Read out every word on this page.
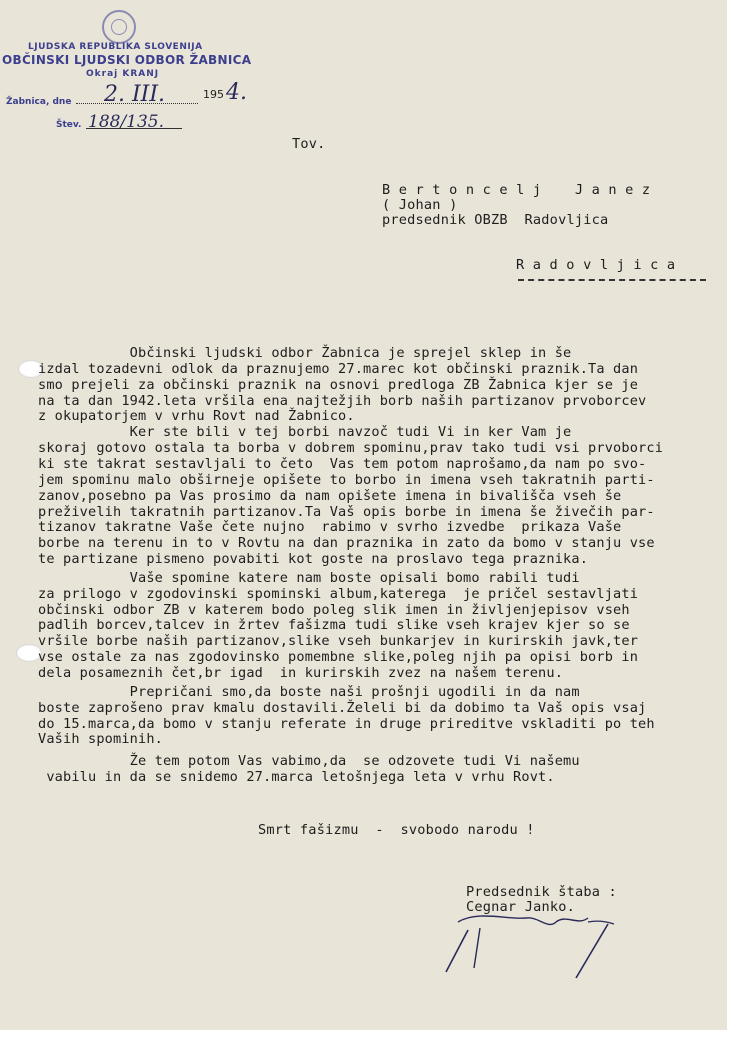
LJUDSKA REPUBLIKA SLOVENIJA
OBČINSKI LJUDSKI ODBOR ŽABNICA
Okraj KRANJ
Žabnica, dne 2. III.	195 4.
Štev. 188/135.
Tov.
B e r t o n c e l j    J a n e z
( Johan )
predsednik OBZB  Radovljica
R a d o v l j i c a
Občinski ljudski odbor Žabnica je sprejel sklep in še
izdal tozadevni odlok da praznujemo 27.marec kot občinski praznik.Ta dan
smo prejeli za občinski praznik na osnovi predloga ZB Žabnica kjer se je
na ta dan 1942.leta vršila ena najtežjih borb naših partizanov prvoborcev
z okupatorjem v vrhu Rovt nad Žabnico.
Ker ste bili v tej borbi navzoč tudi Vi in ker Vam je
skoraj gotovo ostala ta borba v dobrem spominu,prav tako tudi vsi prvoborci
ki ste takrat sestavljali to četo  Vas tem potom naprošamo,da nam po svo-
jem spominu malo obširneje opišete to borbo in imena vseh takratnih parti-
zanov,posebno pa Vas prosimo da nam opišete imena in bivališča vseh še
preživelih takratnih partizanov.Ta Vaš opis borbe in imena še živečih par-
tizanov takratne Vaše čete nujno  rabimo v svrho izvedbe  prikaza Vaše
borbe na terenu in to v Rovtu na dan praznika in zato da bomo v stanju vse
te partizane pismeno povabiti kot goste na proslavo tega praznika.
Vaše spomine katere nam boste opisali bomo rabili tudi
za prilogo v zgodovinski spominski album,katerega  je pričel sestavljati
občinski odbor ZB v katerem bodo poleg slik imen in življenjepisov vseh
padlih borcev,talcev in žrtev fašizma tudi slike vseh krajev kjer so se
vršile borbe naših partizanov,slike vseh bunkarjev in kurirskih javk,ter
vse ostale za nas zgodovinsko pomembne slike,poleg njih pa opisi borb in
dela posameznih čet,br igad  in kurirskih zvez na našem terenu.
Prepričani smo,da boste naši prošnji ugodili in da nam
boste zaprošeno prav kmalu dostavili.Želeli bi da dobimo ta Vaš opis vsaj
do 15.marca,da bomo v stanju referate in druge prireditve vskladiti po teh
Vaših spominih.
Že tem potom Vas vabimo,da  se odzovete tudi Vi našemu
vabilu in da se snidemo 27.marca letošnjega leta v vrhu Rovt.
Smrt fašizmu  -  svobodo narodu !
Predsednik štaba :
Cegnar Janko.
